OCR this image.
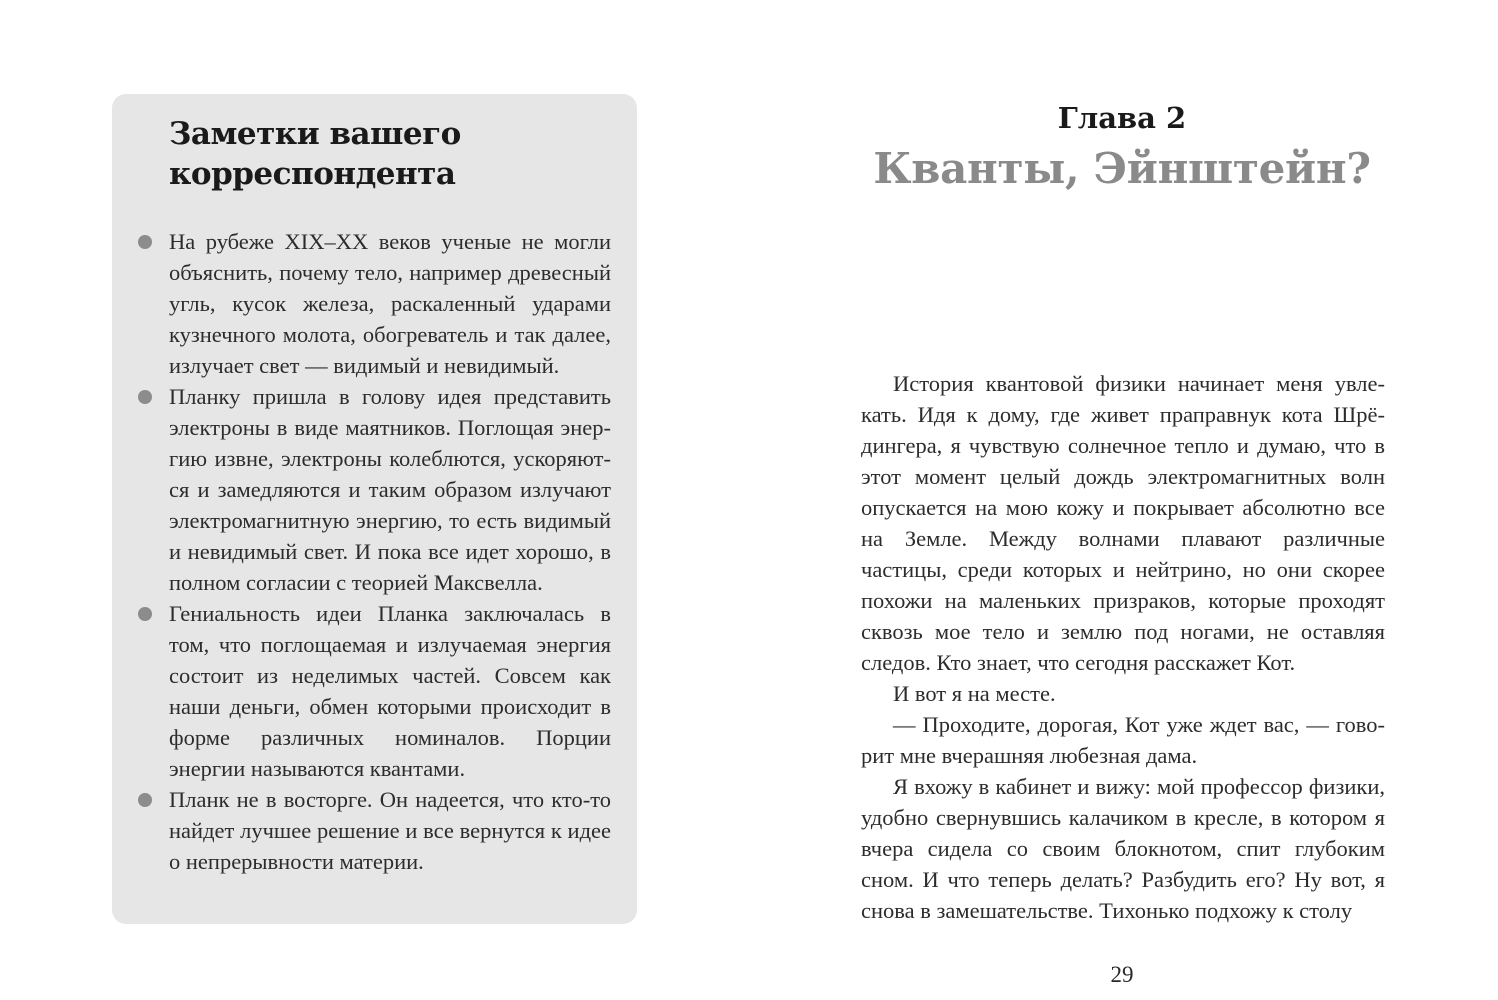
Заметки вашего корреспондента
На рубеже XIX–XX веков ученые не могли объяснить, почему тело, например древесный угль, кусок железа, раскаленный ударами кузнечного молота, обогреватель и так далее, излучает свет — видимый и невидимый.
Планку пришла в голову идея представить электроны в виде маятников. Поглощая энергию извне, электроны колеблются, ускоряются и замедляются и таким образом излучают электромагнитную энергию, то есть видимый и невидимый свет. И пока все идет хорошо, в полном согласии с теорией Максвелла.
Гениальность идеи Планка заключалась в том, что поглощаемая и излучаемая энергия состоит из неделимых частей. Совсем как наши деньги, обмен которыми происходит в форме различных номиналов. Порции энергии называются квантами.
Планк не в восторге. Он надеется, что кто-то найдет лучшее решение и все вернутся к идее о непрерывности материи.
Глава 2
Кванты, Эйнштейн?

История квантовой физики начинает меня увлекать. Идя к дому, где живет праправнук кота Шрёдингера, я чувствую солнечное тепло и думаю, что в этот момент целый дождь электромагнитных волн опускается на мою кожу и покрывает абсолютно все на Земле. Между волнами плавают различные частицы, среди которых и нейтрино, но они скорее похожи на маленьких призраков, которые проходят сквозь мое тело и землю под ногами, не оставляя следов. Кто знает, что сегодня расскажет Кот.

И вот я на месте.

— Проходите, дорогая, Кот уже ждет вас, — говорит мне вчерашняя любезная дама.

Я вхожу в кабинет и вижу: мой профессор физики, удобно свернувшись калачиком в кресле, в котором я вчера сидела со своим блокнотом, спит глубоким сном. И что теперь делать? Разбудить его? Ну вот, я снова в замешательстве. Тихонько подхожу к столу

29
